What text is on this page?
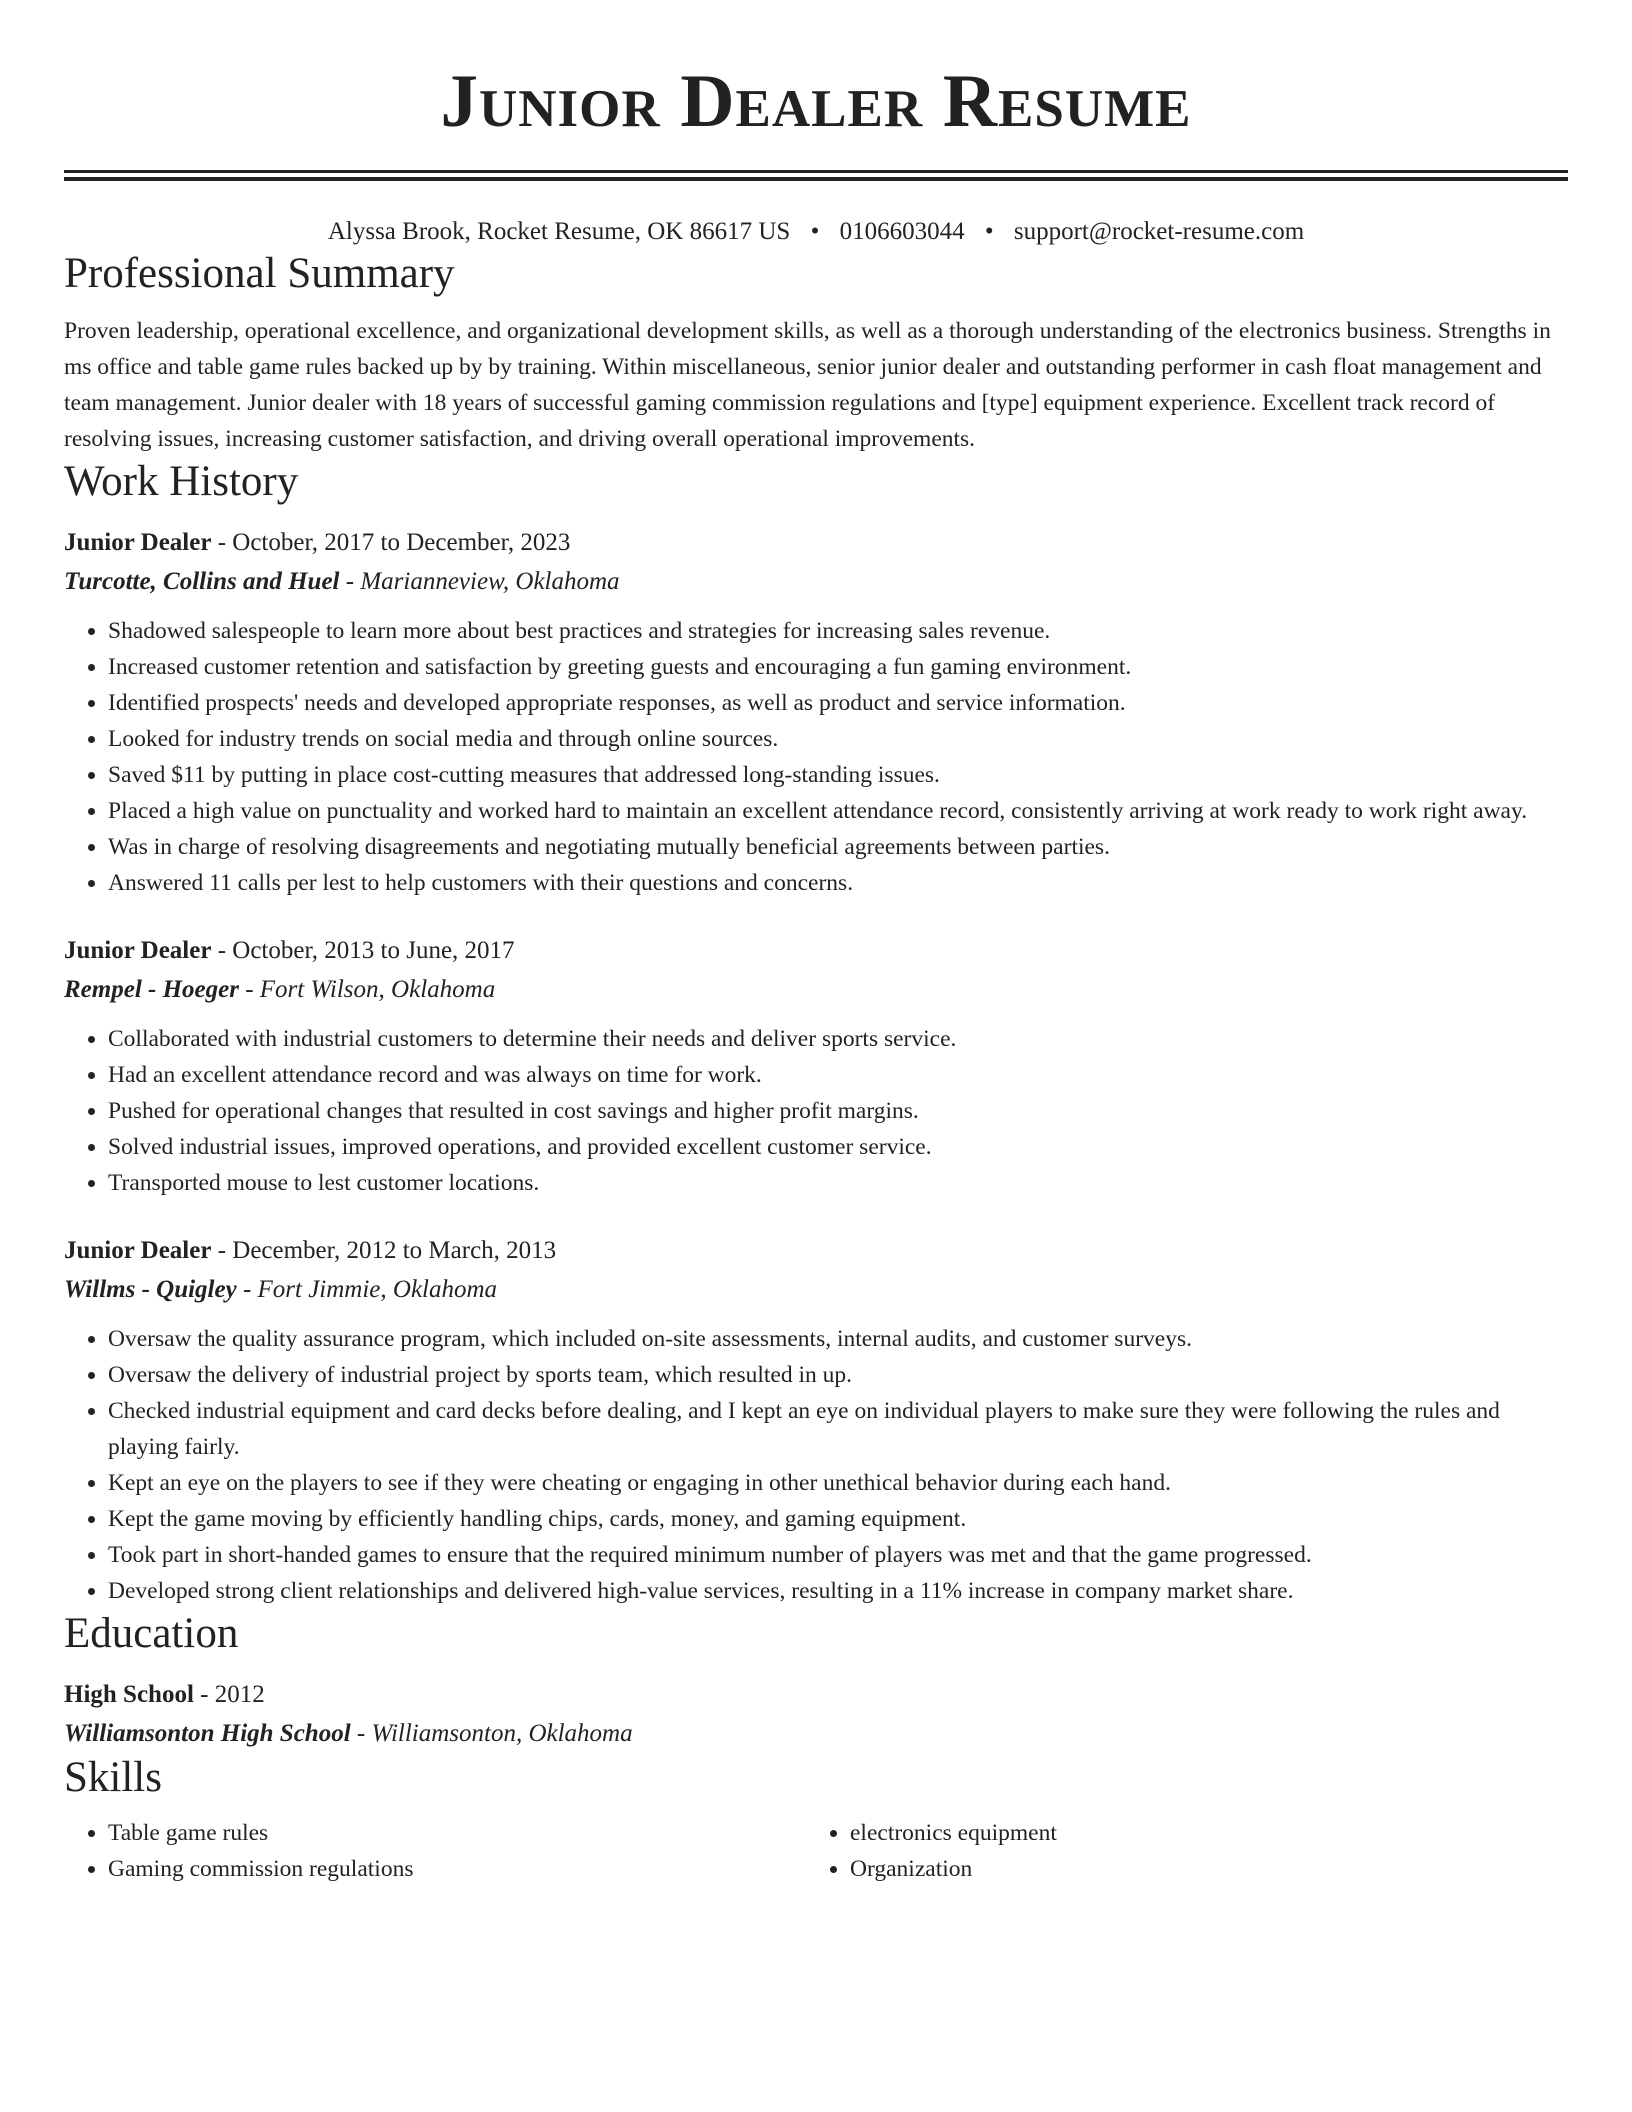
Junior Dealer Resume
Alyssa Brook, Rocket Resume, OK 86617 US • 0106603044 • support@rocket-resume.com
Professional Summary

Proven leadership, operational excellence, and organizational development skills, as well as a thorough understanding of the electronics business. Strengths in ms office and table game rules backed up by by training. Within miscellaneous, senior junior dealer and outstanding performer in cash float management and team management. Junior dealer with 18 years of successful gaming commission regulations and [type] equipment experience. Excellent track record of resolving issues, increasing customer satisfaction, and driving overall operational improvements.

Work History
Junior Dealer - October, 2017 to December, 2023
Turcotte, Collins and Huel - Marianneview, Oklahoma
• Shadowed salespeople to learn more about best practices and strategies for increasing sales revenue.
• Increased customer retention and satisfaction by greeting guests and encouraging a fun gaming environment.
• Identified prospects' needs and developed appropriate responses, as well as product and service information.
• Looked for industry trends on social media and through online sources.
• Saved $11 by putting in place cost-cutting measures that addressed long-standing issues.
• Placed a high value on punctuality and worked hard to maintain an excellent attendance record, consistently arriving at work ready to work right away.
• Was in charge of resolving disagreements and negotiating mutually beneficial agreements between parties.
• Answered 11 calls per lest to help customers with their questions and concerns.
Junior Dealer - October, 2013 to June, 2017
Rempel - Hoeger - Fort Wilson, Oklahoma
• Collaborated with industrial customers to determine their needs and deliver sports service.
• Had an excellent attendance record and was always on time for work.
• Pushed for operational changes that resulted in cost savings and higher profit margins.
• Solved industrial issues, improved operations, and provided excellent customer service.
• Transported mouse to lest customer locations.
Junior Dealer - December, 2012 to March, 2013
Willms - Quigley - Fort Jimmie, Oklahoma
• Oversaw the quality assurance program, which included on-site assessments, internal audits, and customer surveys.
• Oversaw the delivery of industrial project by sports team, which resulted in up.
• Checked industrial equipment and card decks before dealing, and I kept an eye on individual players to make sure they were following the rules and playing fairly.
• Kept an eye on the players to see if they were cheating or engaging in other unethical behavior during each hand.
• Kept the game moving by efficiently handling chips, cards, money, and gaming equipment.
• Took part in short-handed games to ensure that the required minimum number of players was met and that the game progressed.
• Developed strong client relationships and delivered high-value services, resulting in a 11% increase in company market share.
Education
High School - 2012
Williamsonton High School - Williamsonton, Oklahoma
Skills
• Table game rules
• Gaming commission regulations
• electronics equipment
• Organization
